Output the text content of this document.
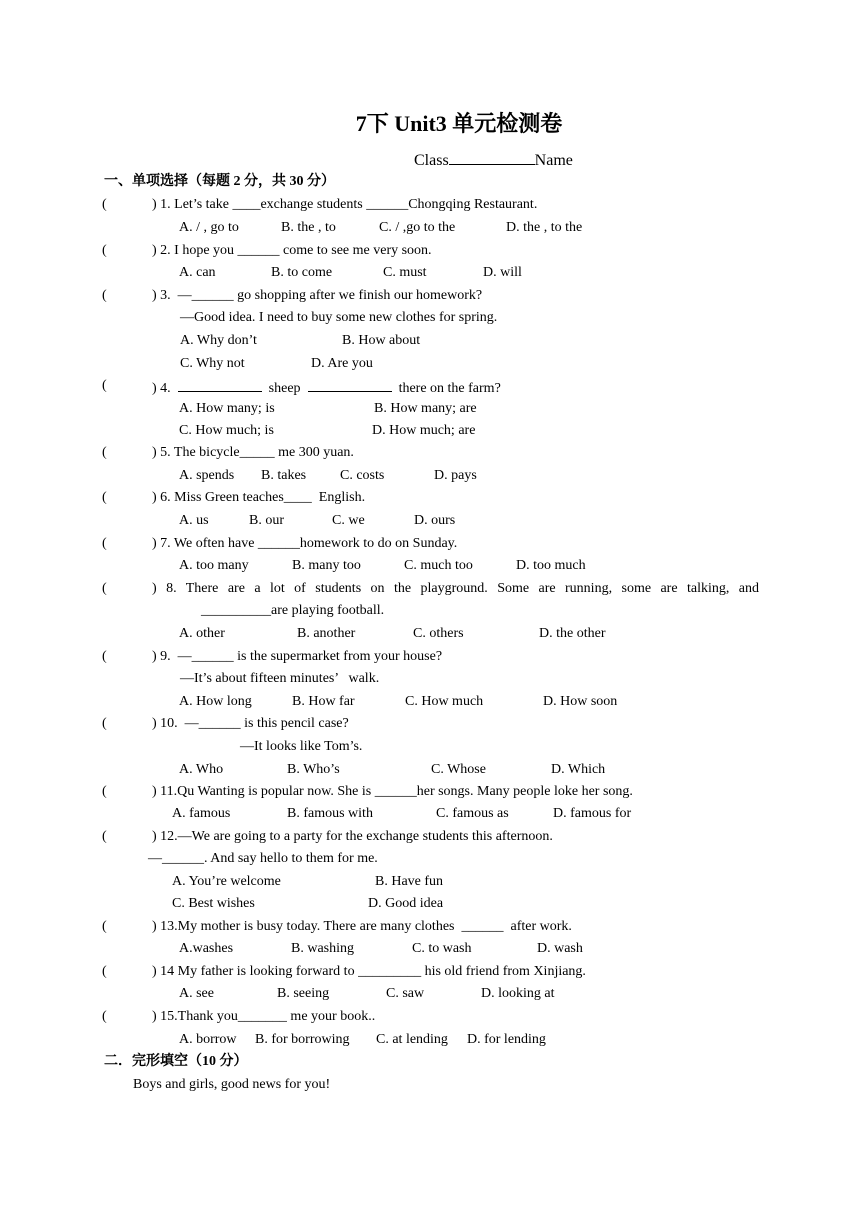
7下 Unit3 单元检测卷
Class	Name
一、单项选择（每题 2 分，共 30 分）
(	) 1. Let’s take ____exchange students ______Chongqing Restaurant.
A. / , go to	B. the , to	C. / ,go to the	D. the , to the
(	) 2. I hope you ______ come to see me very soon.
A. can	B. to come	C. must	D. will
(	) 3.  —______ go shopping after we finish our homework?
—Good idea. I need to buy some new clothes for spring.
A. Why don’t	B. How about
C. Why not	D. Are you
(	) 4.	sheep	there on the farm?
A. How many; is	B. How many; are
C. How much; is	D. How much; are
(	) 5. The bicycle_____ me 300 yuan.
A. spends B. takes C. costs	D. pays
(	) 6. Miss Green teaches____  English.
A. us	B. our	C. we	D. ours
(	) 7. We often have ______homework to do on Sunday.
A. too many	B. many too	C. much too	D. too much
(	) 8. There are a lot of students on the playground. Some are running, some are talking, and
__________are playing football.
A. other	B. another	C. others	D. the other
(	) 9.  —______ is the supermarket from your house?
—It’s about fifteen minutes’   walk.
A. How long	B. How far	C. How much	D. How soon
(	) 10.  —______ is this pencil case?
—It looks like Tom’s.
A. Who	B. Who’s	C. Whose	D. Which
(	) 11.Qu Wanting is popular now. She is ______her songs. Many people loke her song.
A. famous	B. famous with	C. famous as	D. famous for
(	) 12.—We are going to a party for the exchange students this afternoon.
—______. And say hello to them for me.
A. You’re welcome	B. Have fun
C. Best wishes	D. Good idea
(	) 13.My mother is busy today. There are many clothes  ______  after work.
A.washes	B. washing	C. to wash	D. wash
(	) 14 My father is looking forward to _________ his old friend from Xinjiang.
A. see	B. seeing	C. saw	D. looking at
(	) 15.Thank you_______ me your book..
A. borrow B. for borrowing C. at lending D. for lending
二．完形填空（10 分）
Boys and girls, good news for you!
